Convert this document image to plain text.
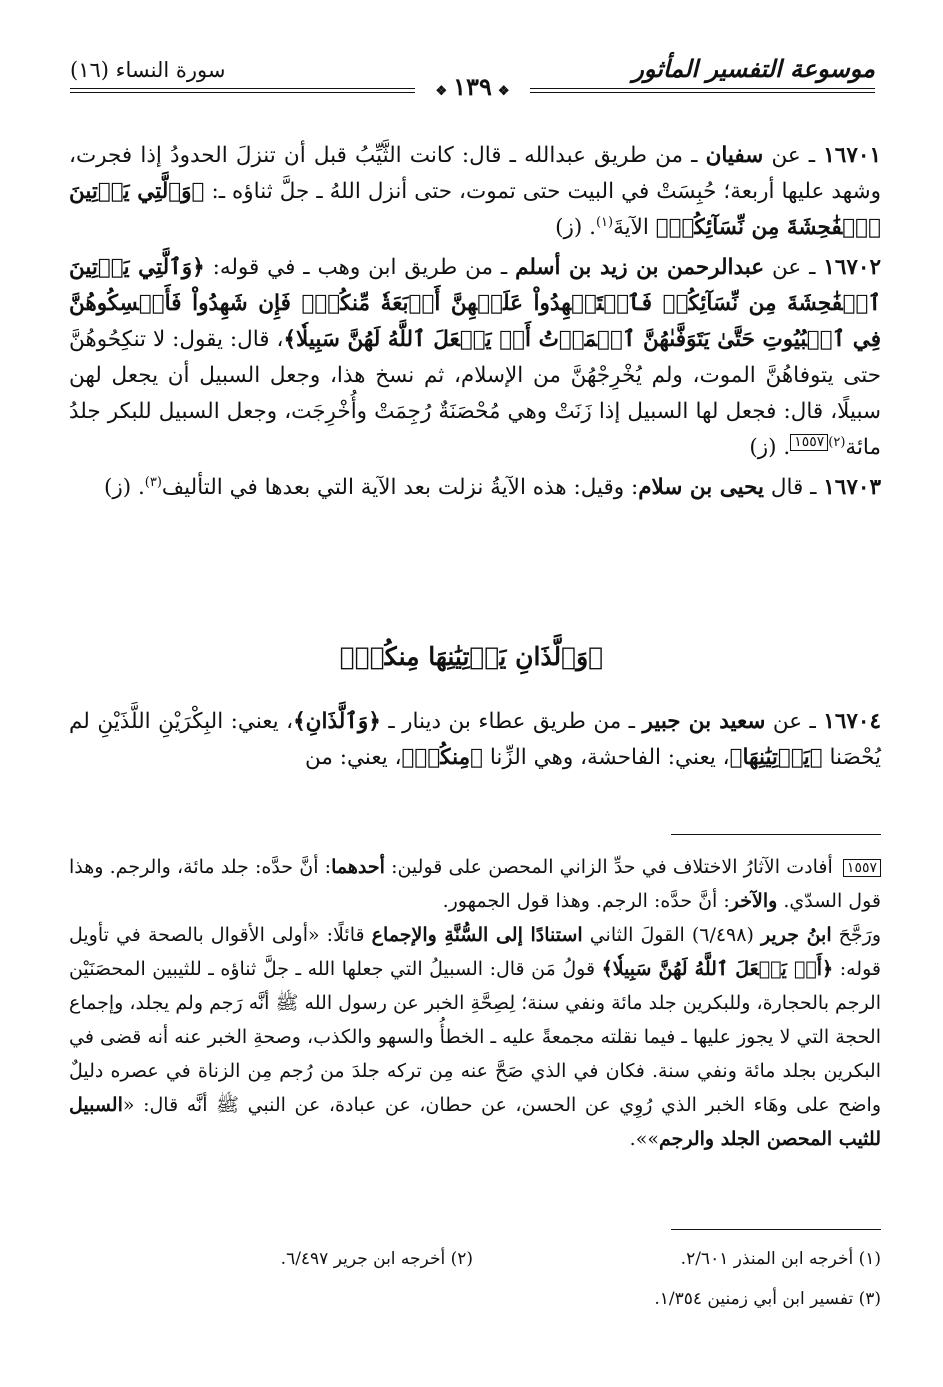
موسوعة التفسير المأثور
سورة النساء (١٦)
❖١٣٩❖

١٦٧٠١ ـ عن سفيان ـ من طريق عبدالله ـ قال: كانت الثَّيِّبُ قبل أن تنزلَ الحدودُ إذا فجرت، وشهد عليها أربعة؛ حُبِسَتْ في البيت حتى تموت، حتى أنزل اللهُ ـ جلَّ ثناؤه ـ: ﴿وَٱلَّتِي يَأۡتِينَ ٱلۡفَٰحِشَةَ مِن نِّسَآئِكُمۡ﴾ الآيةَ$^{(١)}$. (ز)

١٦٧٠٢ ـ عن عبدالرحمن بن زيد بن أسلم ـ من طريق ابن وهب ـ في قوله: ﴿وَٱلَّتِي يَأۡتِينَ ٱلۡفَٰحِشَةَ مِن نِّسَآئِكُمۡ فَٱسۡتَشۡهِدُواْ عَلَيۡهِنَّ أَرۡبَعَةٗ مِّنكُمۡۖ فَإِن شَهِدُواْ فَأَمۡسِكُوهُنَّ فِي ٱلۡبُيُوتِ حَتَّىٰ يَتَوَفَّىٰهُنَّ ٱلۡمَوۡتُ أَوۡ يَجۡعَلَ ٱللَّهُ لَهُنَّ سَبِيلٗا﴾، قال: يقول: لا تنكِحُوهُنَّ حتى يتوفاهُنَّ الموت، ولم يُخْرِجْهُنَّ من الإسلام، ثم نسخ هذا، وجعل السبيل أن يجعل لهن سبيلًا، قال: فجعل لها السبيل إذا زَنَتْ وهي مُحْصَنَةٌ رُجِمَتْ وأُخْرِجَت، وجعل السبيل للبكر جلدُ مائة$^{(٢)}$١٥٥٧. (ز)

١٦٧٠٣ ـ قال يحيى بن سلام: وقيل: هذه الآيةُ نزلت بعد الآية التي بعدها في التأليف$^{(٣)}$. (ز)

﴿وَٱلَّذَانِ يَأۡتِيَٰنِهَا مِنكُمۡ﴾

١٦٧٠٤ ـ عن سعيد بن جبير ـ من طريق عطاء بن دينار ـ ﴿وَٱلَّذَانِ﴾، يعني: البِكْرَيْنِ اللَّذَيْنِ لم يُحْصَنا ﴿يَأۡتِيَٰنِهَا﴾، يعني: الفاحشة، وهي الزِّنا ﴿مِنكُمۡ﴾، يعني: من

١٥٥٧ أفادت الآثارُ الاختلاف في حدِّ الزاني المحصن على قولين: أحدهما: أنَّ حدَّه: جلد مائة، والرجم. وهذا قول السدّي. والآخر: أنَّ حدَّه: الرجم. وهذا قول الجمهور.
ورَجَّحَ ابنُ جرير (٦/٤٩٨) القولَ الثاني استنادًا إلى السُّنَّةِ والإجماع قائلًا: «أولى الأقوال بالصحة في تأويل قوله: ﴿أَوۡ يَجۡعَلَ ٱللَّهُ لَهُنَّ سَبِيلٗا﴾ قولُ مَن قال: السبيلُ التي جعلها الله ـ جلَّ ثناؤه ـ للثيبين المحصَنَيْن الرجم بالحجارة، وللبكرين جلد مائة ونفي سنة؛ لِصِحَّةِ الخبر عن رسول الله ﷺ أنَّه رَجم ولم يجلد، وإجماع الحجة التي لا يجوز عليها ـ فيما نقلته مجمعةً عليه ـ الخطأُ والسهو والكذب، وصحةِ الخبر عنه أنه قضى في البكرين بجلد مائة ونفي سنة. فكان في الذي صَحَّ عنه مِن تركه جلدَ من رُجم مِن الزناة في عصره دليلٌ واضح على وهَاء الخبر الذي رُوِي عن الحسن، عن حطان، عن عبادة، عن النبي ﷺ أنَّه قال: «السبيل للثيب المحصن الجلد والرجم»».
(١) أخرجه ابن المنذر ٢/٦٠١.
(٢) أخرجه ابن جرير ٦/٤٩٧.
(٣) تفسير ابن أبي زمنين ١/٣٥٤.
